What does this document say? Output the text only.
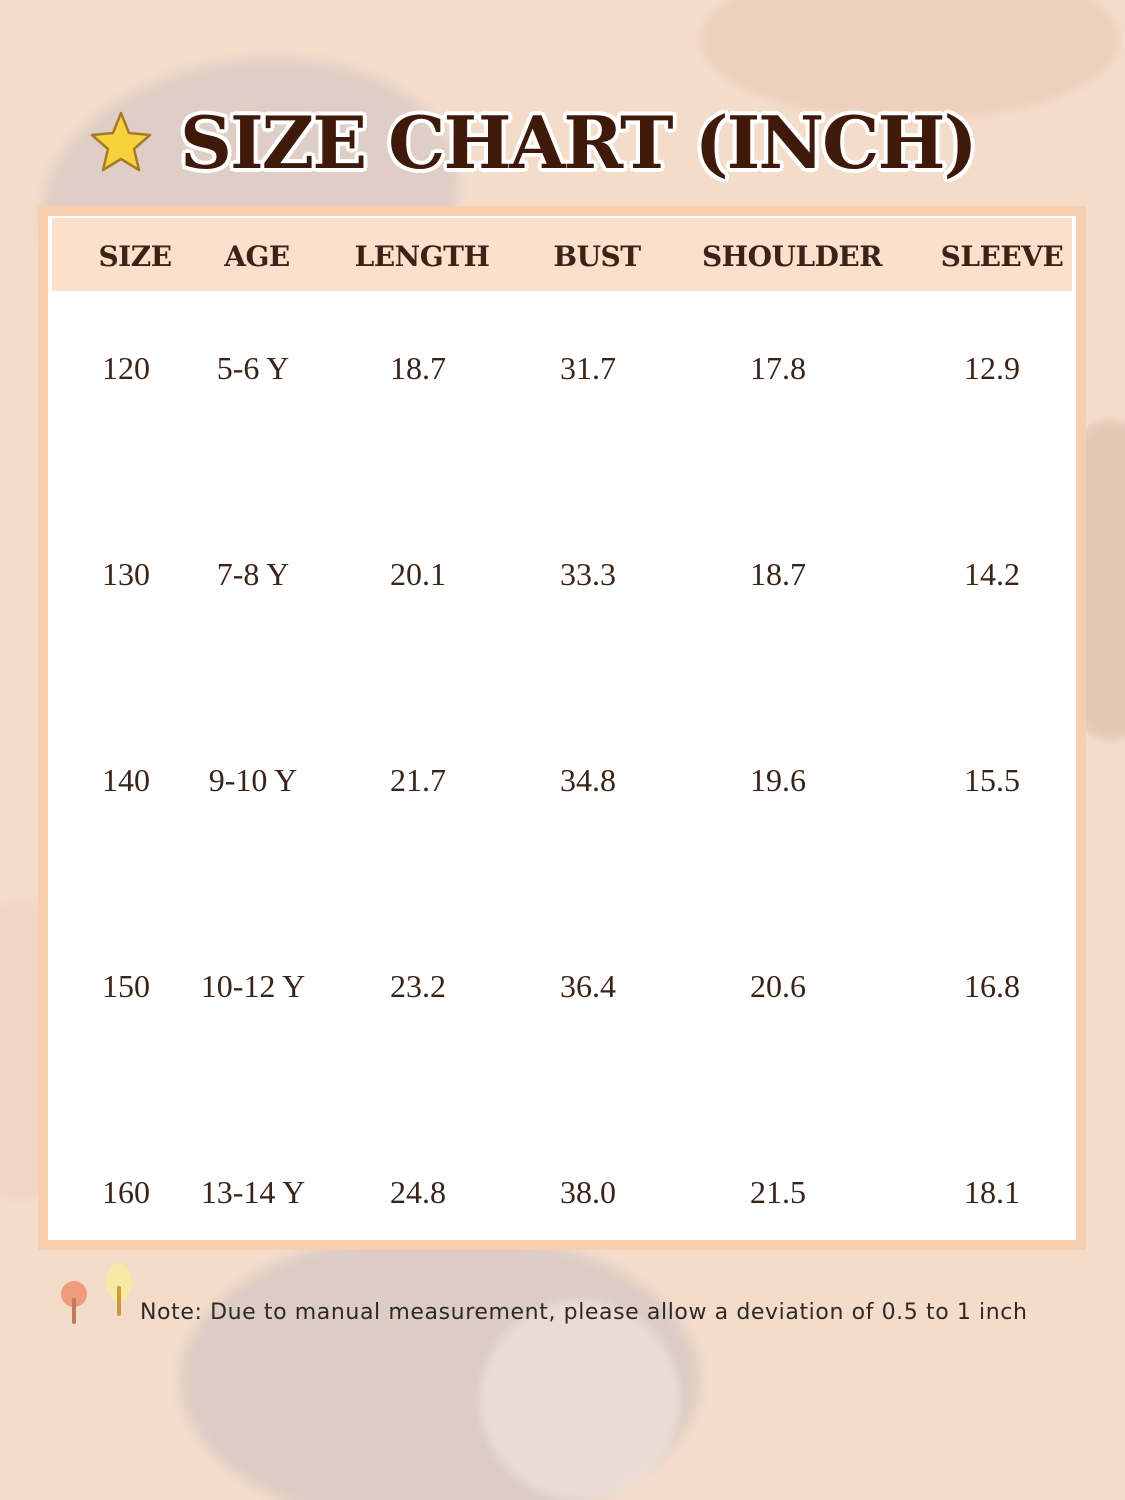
SIZE CHART (INCH)
SIZE	AGE	LENGTH	BUST	SHOULDER	SLEEVE
120	5-6 Y	18.7	31.7	17.8	12.9
130	7-8 Y	20.1	33.3	18.7	14.2
140	9-10 Y	21.7	34.8	19.6	15.5
150	10-12 Y	23.2	36.4	20.6	16.8
160	13-14 Y	24.8	38.0	21.5	18.1
Note: Due to manual measurement, please allow a deviation of 0.5 to 1 inch
